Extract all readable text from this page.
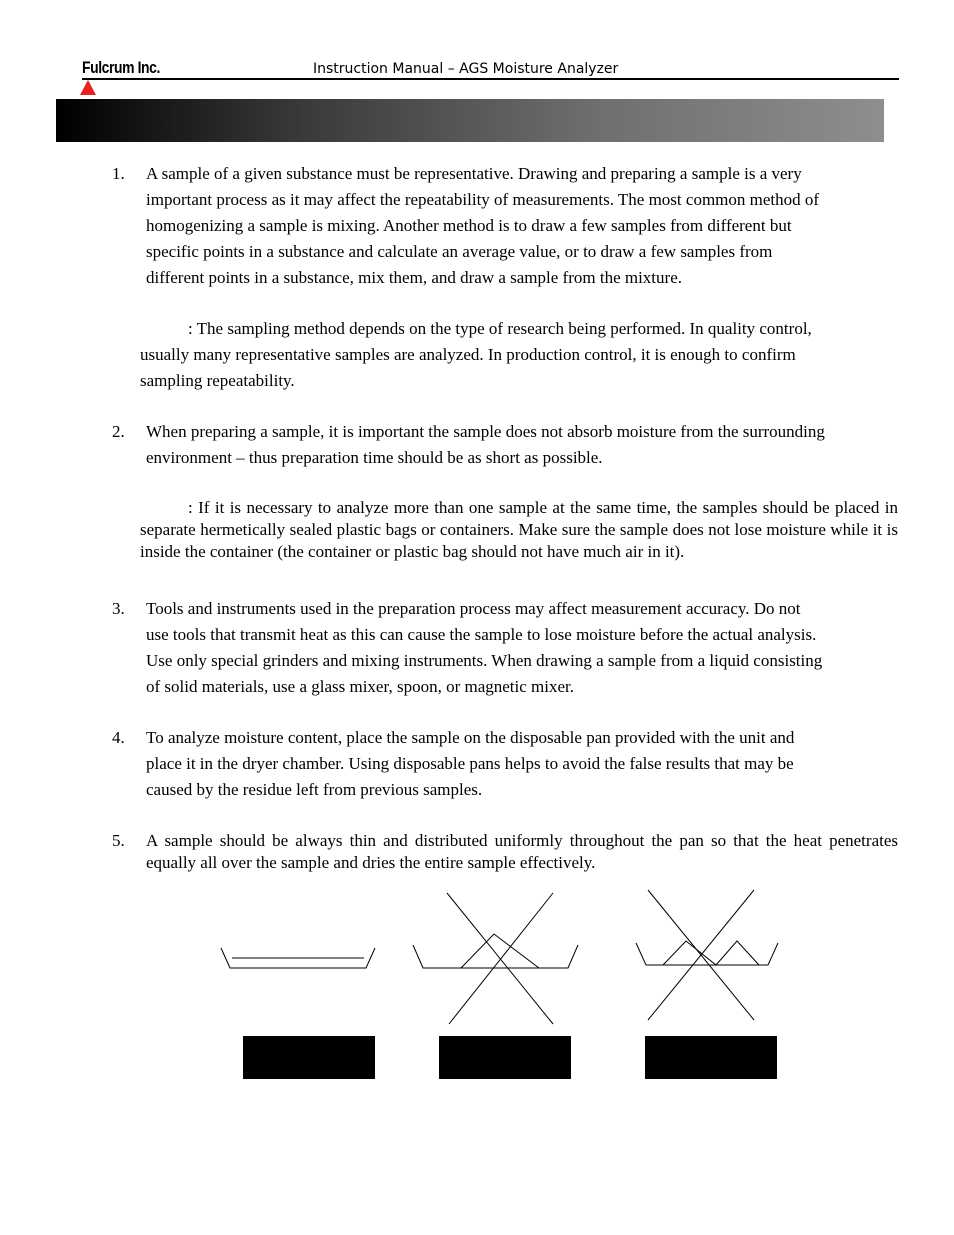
Fulcrum Inc.	Instruction Manual – AGS Moisture Analyzer
1. A sample of a given substance must be representative. Drawing and preparing a sample is a very
important process as it may affect the repeatability of measurements. The most common method of
homogenizing a sample is mixing. Another method is to draw a few samples from different but
specific points in a substance and calculate an average value, or to draw a few samples from
different points in a substance, mix them, and draw a sample from the mixture.
: The sampling method depends on the type of research being performed. In quality control,
usually many representative samples are analyzed. In production control, it is enough to confirm
sampling repeatability.
2. When preparing a sample, it is important the sample does not absorb moisture from the surrounding
environment – thus preparation time should be as short as possible.
: If it is necessary to analyze more than one sample at the same time, the samples should be placed in separate hermetically sealed plastic bags or containers. Make sure the sample does not lose moisture while it is inside the container (the container or plastic bag should not have much air in it).
3. Tools and instruments used in the preparation process may affect measurement accuracy. Do not
use tools that transmit heat as this can cause the sample to lose moisture before the actual analysis.
Use only special grinders and mixing instruments. When drawing a sample from a liquid consisting
of solid materials, use a glass mixer, spoon, or magnetic mixer.
4. To analyze moisture content, place the sample on the disposable pan provided with the unit and
place it in the dryer chamber. Using disposable pans helps to avoid the false results that may be
caused by the residue left from previous samples.
5. A sample should be always thin and distributed uniformly throughout the pan so that the heat penetrates equally all over the sample and dries the entire sample effectively.
